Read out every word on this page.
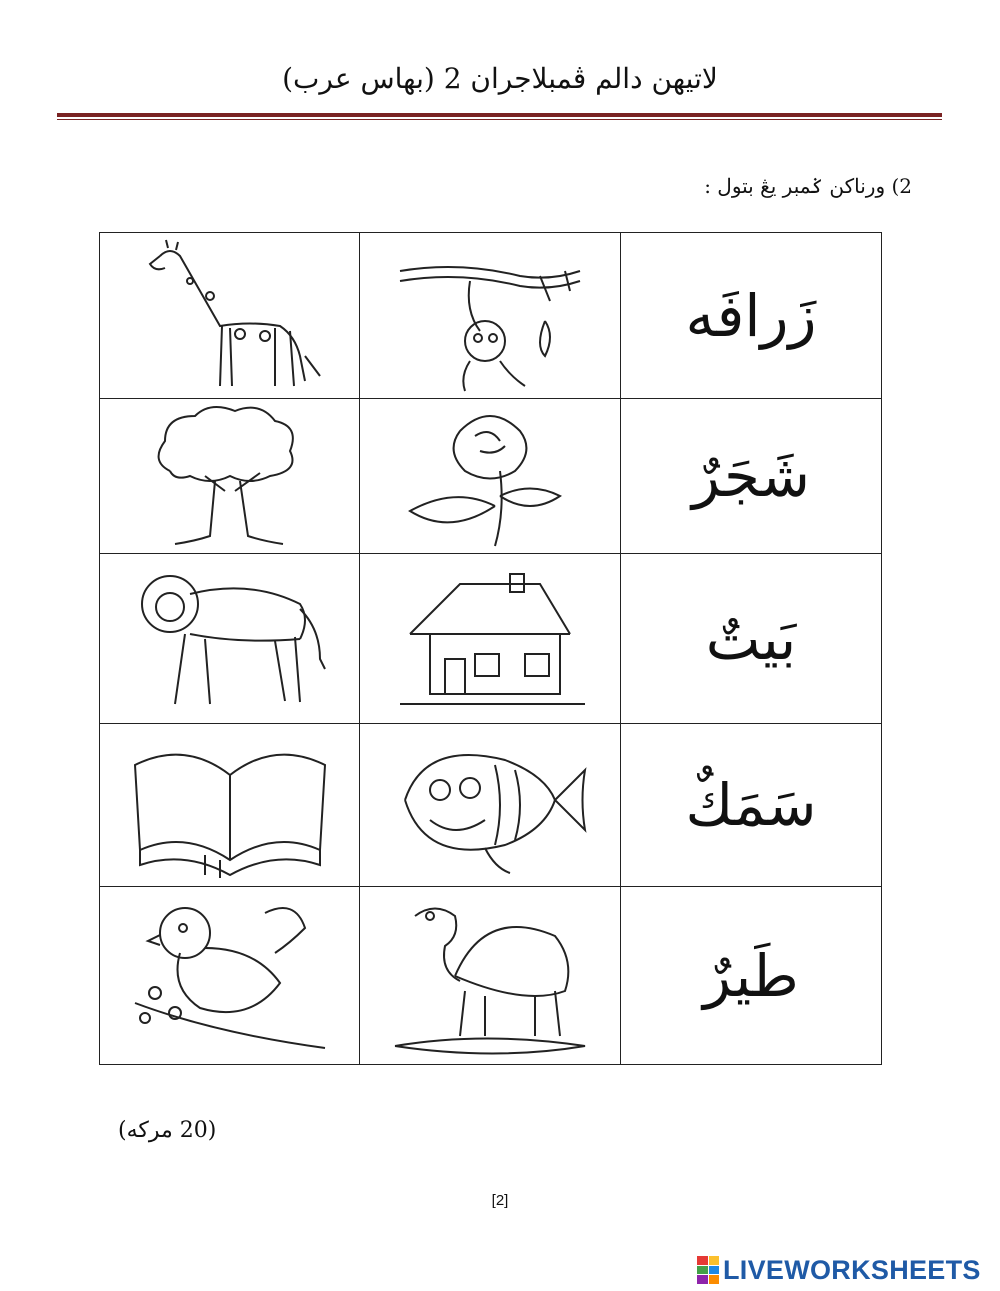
لاتيهن دالم ڤمبلاجران 2 (بهاس عرب)
2) ورناكن ݢمبر يڠ بتول :

	زَرافَه

	شَجَرٌ

	بَيتٌ

	سَمَكٌ

	طَيرٌ
(20 مركه)
[2]
LIVEWORKSHEETS
